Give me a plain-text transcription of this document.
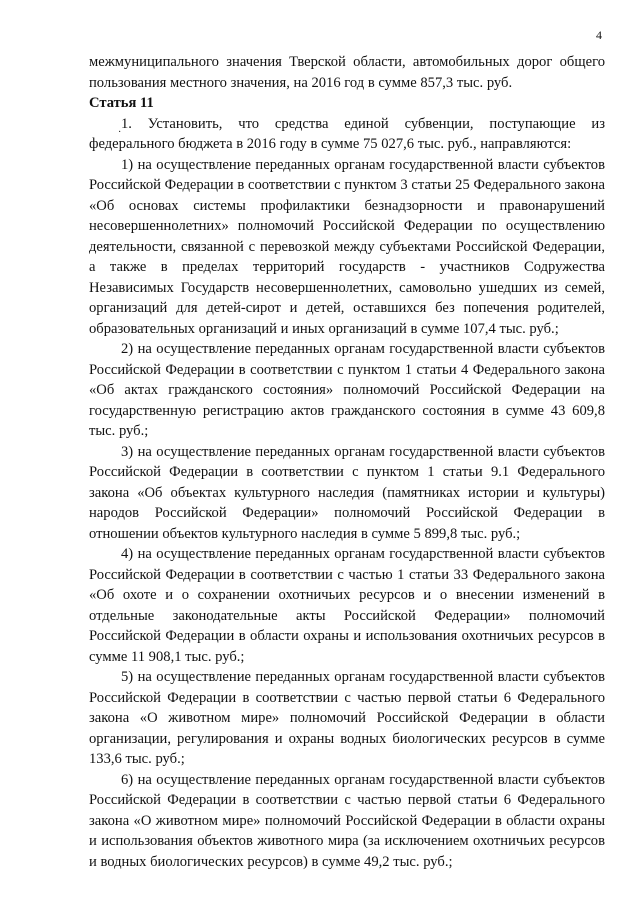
4
·

межмуниципального значения Тверской области, автомобильных дорог общего пользования местного значения, на 2016 год в сумме 857,3 тыс. руб.

Статья 11

1. Установить, что средства единой субвенции, поступающие из федерального бюджета в 2016 году в сумме 75 027,6 тыс. руб., направляются:

1) на осуществление переданных органам государственной власти субъектов Российской Федерации в соответствии с пунктом 3 статьи 25 Федерального закона «Об основах системы профилактики безнадзорности и правонарушений несовершеннолетних» полномочий Российской Федерации по осуществлению деятельности, связанной с перевозкой между субъектами Российской Федерации, а также в пределах территорий государств - участников Содружества Независимых Государств несовершеннолетних, самовольно ушедших из семей, организаций для детей-сирот и детей, оставшихся без попечения родителей, образовательных организаций и иных организаций в сумме 107,4 тыс. руб.;

2) на осуществление переданных органам государственной власти субъектов Российской Федерации в соответствии с пунктом 1 статьи 4 Федерального закона «Об актах гражданского состояния» полномочий Российской Федерации на государственную регистрацию актов гражданского состояния в сумме 43 609,8 тыс. руб.;

3) на осуществление переданных органам государственной власти субъектов Российской Федерации в соответствии с пунктом 1 статьи 9.1 Федерального закона «Об объектах культурного наследия (памятниках истории и культуры) народов Российской Федерации» полномочий Российской Федерации в отношении объектов культурного наследия в сумме 5 899,8 тыс. руб.;

4) на осуществление переданных органам государственной власти субъектов Российской Федерации в соответствии с частью 1 статьи 33 Федерального закона «Об охоте и о сохранении охотничьих ресурсов и о внесении изменений в отдельные законодательные акты Российской Федерации» полномочий Российской Федерации в области охраны и использования охотничьих ресурсов в сумме 11 908,1 тыс. руб.;

5) на осуществление переданных органам государственной власти субъектов Российской Федерации в соответствии с частью первой статьи 6 Федерального закона «О животном мире» полномочий Российской Федерации в области организации, регулирования и охраны водных биологических ресурсов в сумме 133,6 тыс. руб.;

6) на осуществление переданных органам государственной власти субъектов Российской Федерации в соответствии с частью первой статьи 6 Федерального закона «О животном мире» полномочий Российской Федерации в области охраны и использования объектов животного мира (за исключением охотничьих ресурсов и водных биологических ресурсов) в сумме 49,2 тыс. руб.;
